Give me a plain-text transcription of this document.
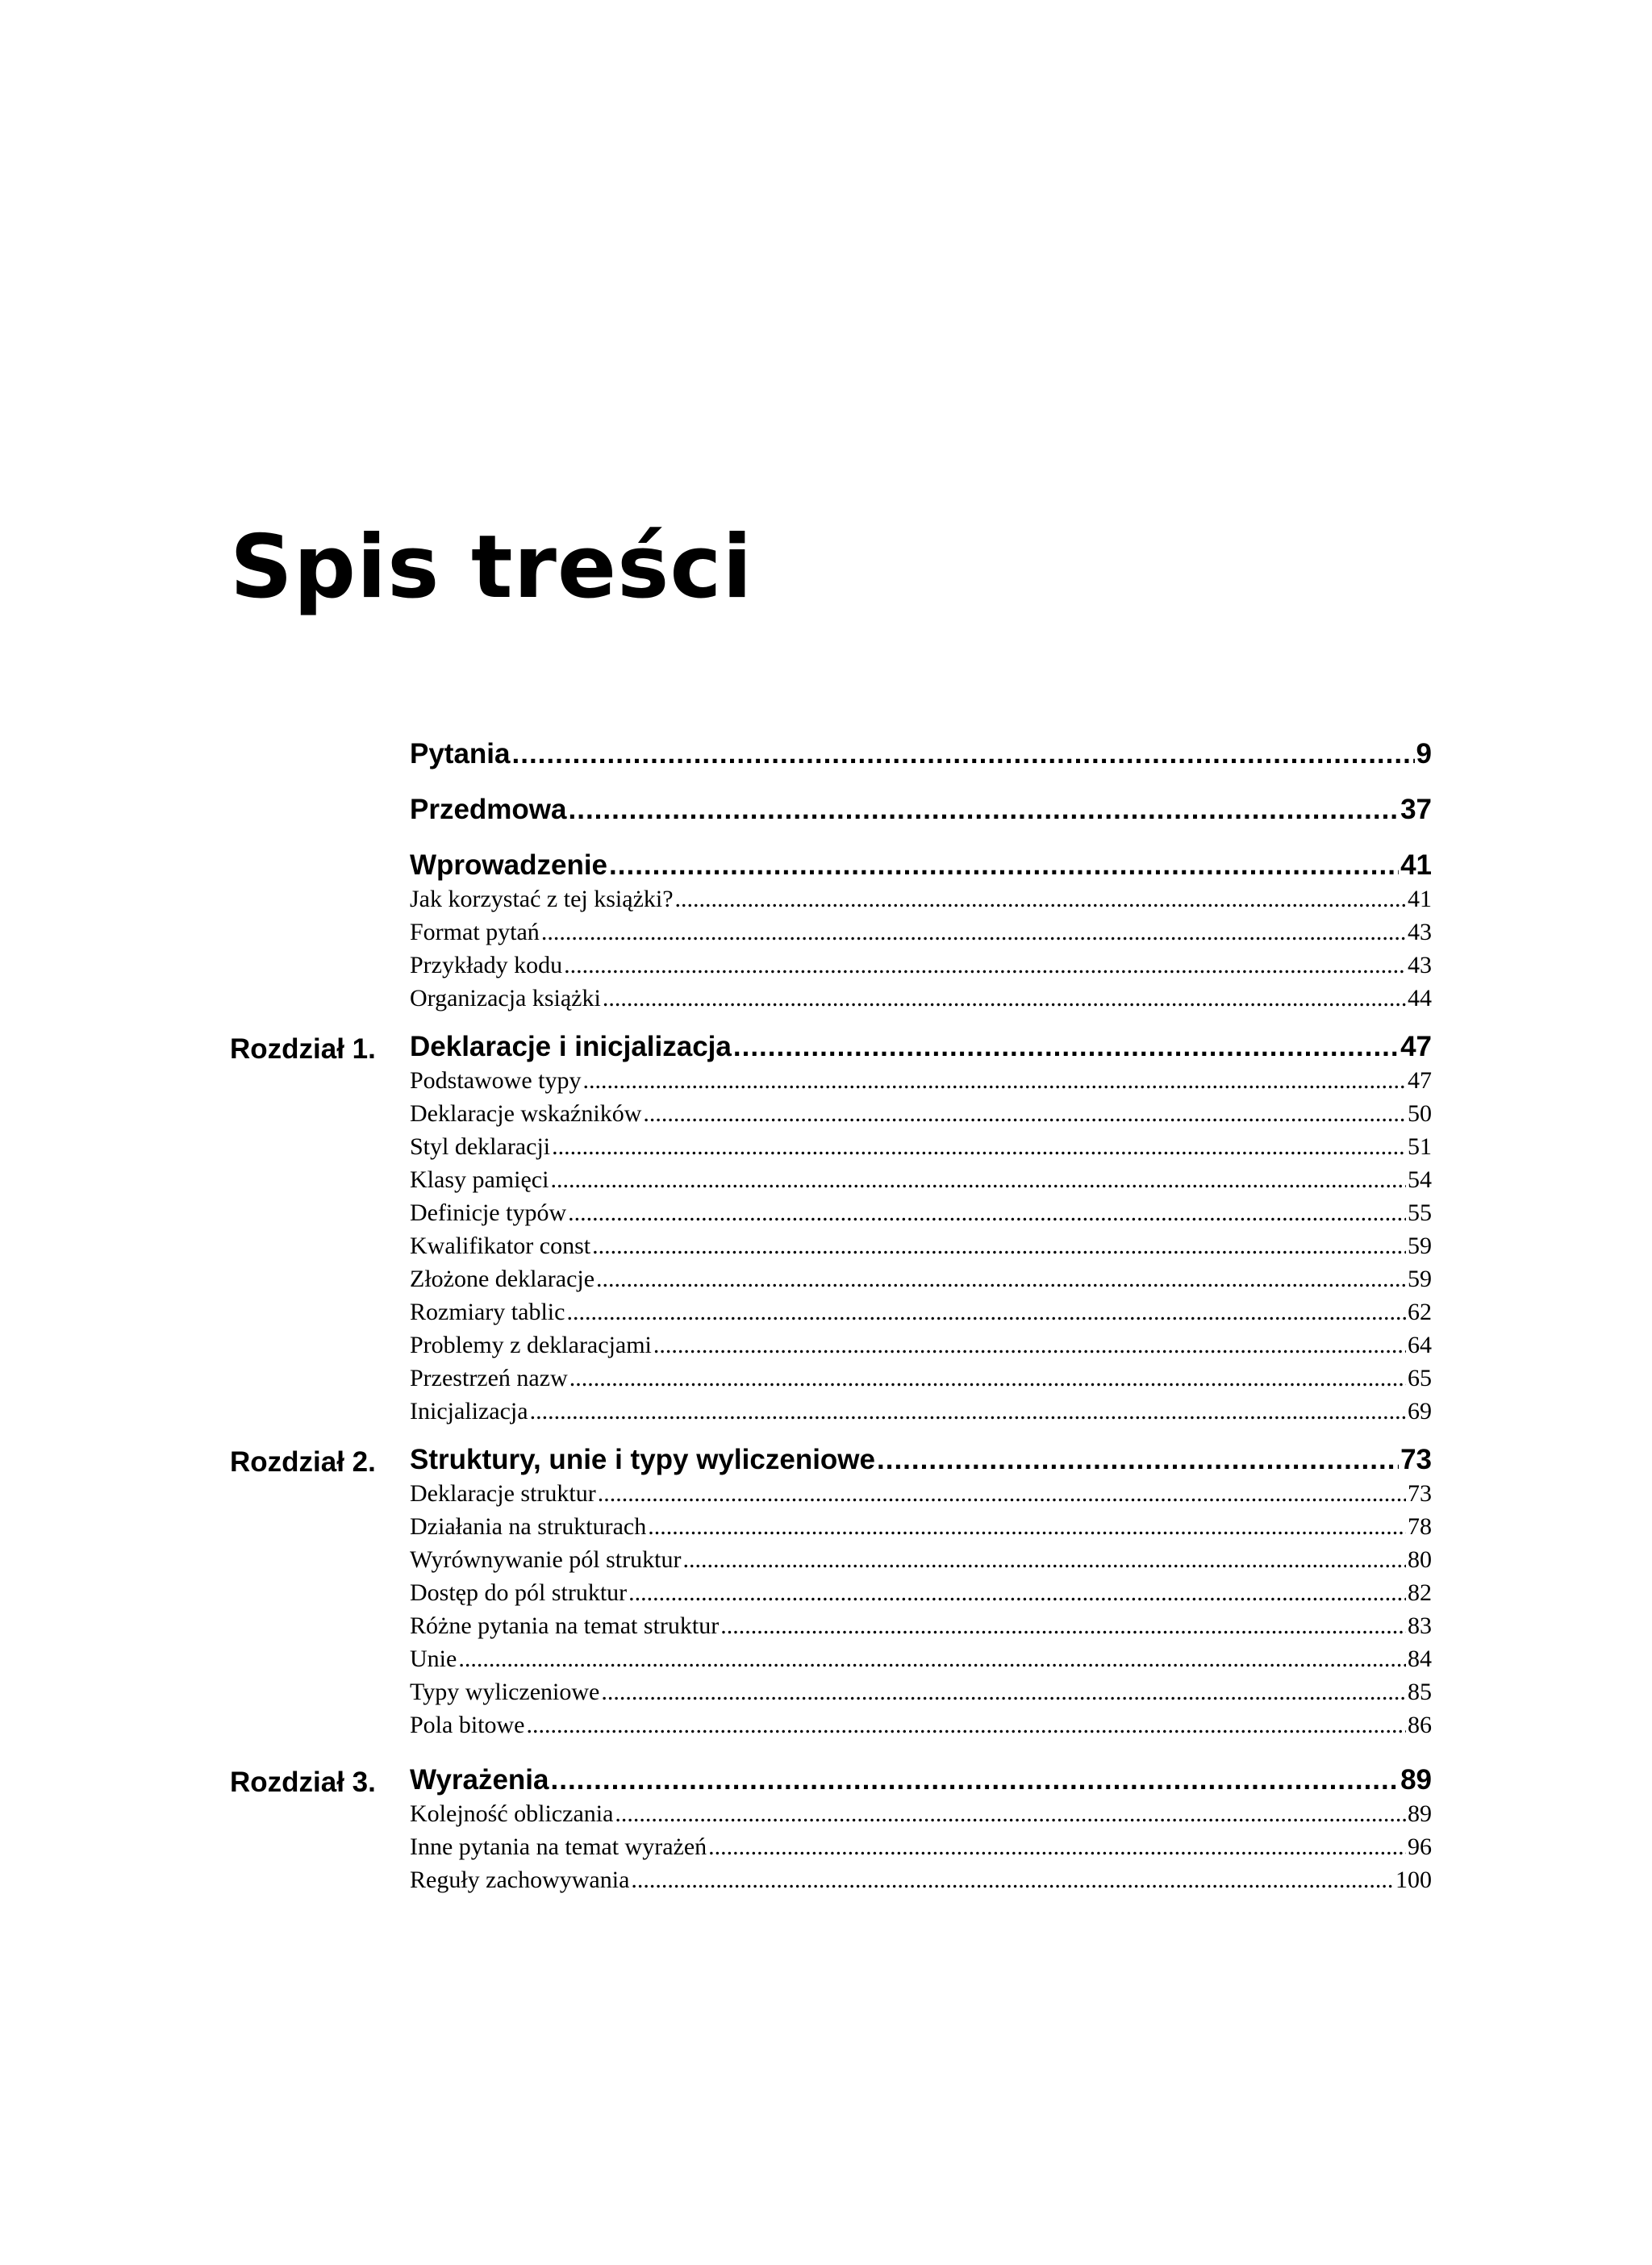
Spis treści
Pytania .....	9
Przedmowa .....	37
Wprowadzenie .....	41
Jak korzystać z tej książki? .....	41
Format pytań .....	43
Przykłady kodu .....	43
Organizacja książki .....	44
Rozdział 1. Deklaracje i inicjalizacja .....	47
Podstawowe typy .....	47
Deklaracje wskaźników .....	50
Styl deklaracji .....	51
Klasy pamięci .....	54
Definicje typów .....	55
Kwalifikator const .....	59
Złożone deklaracje .....	59
Rozmiary tablic .....	62
Problemy z deklaracjami .....	64
Przestrzeń nazw .....	65
Inicjalizacja .....	69
Rozdział 2. Struktury, unie i typy wyliczeniowe .....	73
Deklaracje struktur .....	73
Działania na strukturach .....	78
Wyrównywanie pól struktur .....	80
Dostęp do pól struktur .....	82
Różne pytania na temat struktur .....	83
Unie .....	84
Typy wyliczeniowe .....	85
Pola bitowe .....	86
Rozdział 3. Wyrażenia .....	89
Kolejność obliczania .....	89
Inne pytania na temat wyrażeń .....	96
Reguły zachowywania .....	100
